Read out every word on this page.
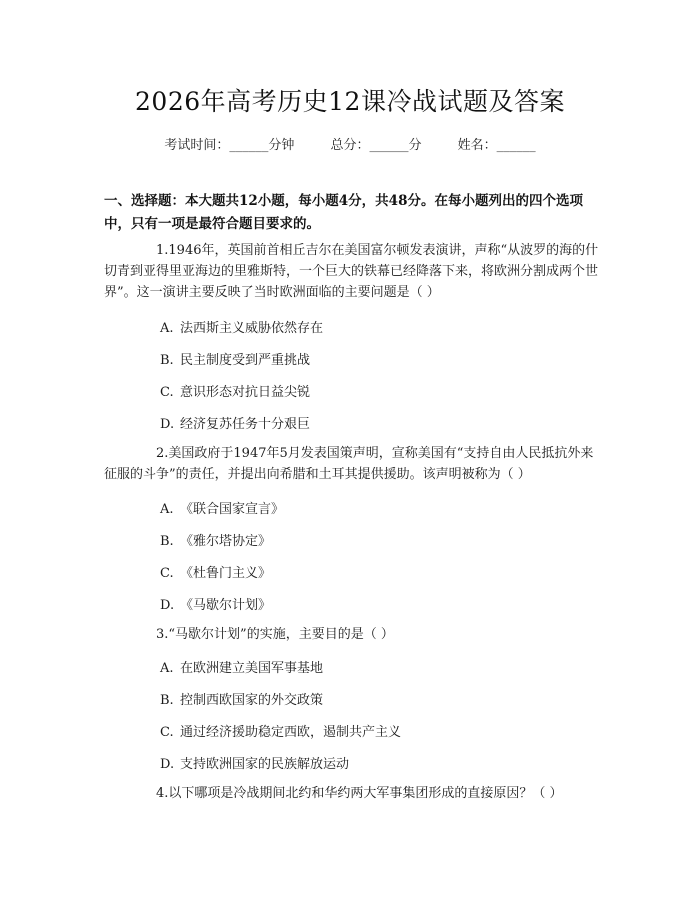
2026年高考历史12课冷战试题及答案
考试时间：______分钟	总分：______分	姓名：______
一、选择题：本大题共12小题，每小题4分，共48分。在每小题列出的四个选项中，只有一项是最符合题目要求的。
1.1946年，英国前首相丘吉尔在美国富尔顿发表演讲，声称“从波罗的海的什切青到亚得里亚海边的里雅斯特，一个巨大的铁幕已经降落下来，将欧洲分割成两个世界”。这一演讲主要反映了当时欧洲面临的主要问题是（ ）
A. 法西斯主义威胁依然存在
B. 民主制度受到严重挑战
C. 意识形态对抗日益尖锐
D. 经济复苏任务十分艰巨
2.美国政府于1947年5月发表国策声明，宣称美国有“支持自由人民抵抗外来征服的斗争”的责任，并提出向希腊和土耳其提供援助。该声明被称为（ ）
A. 《联合国家宣言》
B. 《雅尔塔协定》
C. 《杜鲁门主义》
D. 《马歇尔计划》
3.“马歇尔计划”的实施，主要目的是（ ）
A. 在欧洲建立美国军事基地
B. 控制西欧国家的外交政策
C. 通过经济援助稳定西欧，遏制共产主义
D. 支持欧洲国家的民族解放运动
4.以下哪项是冷战期间北约和华约两大军事集团形成的直接原因？（ ）
